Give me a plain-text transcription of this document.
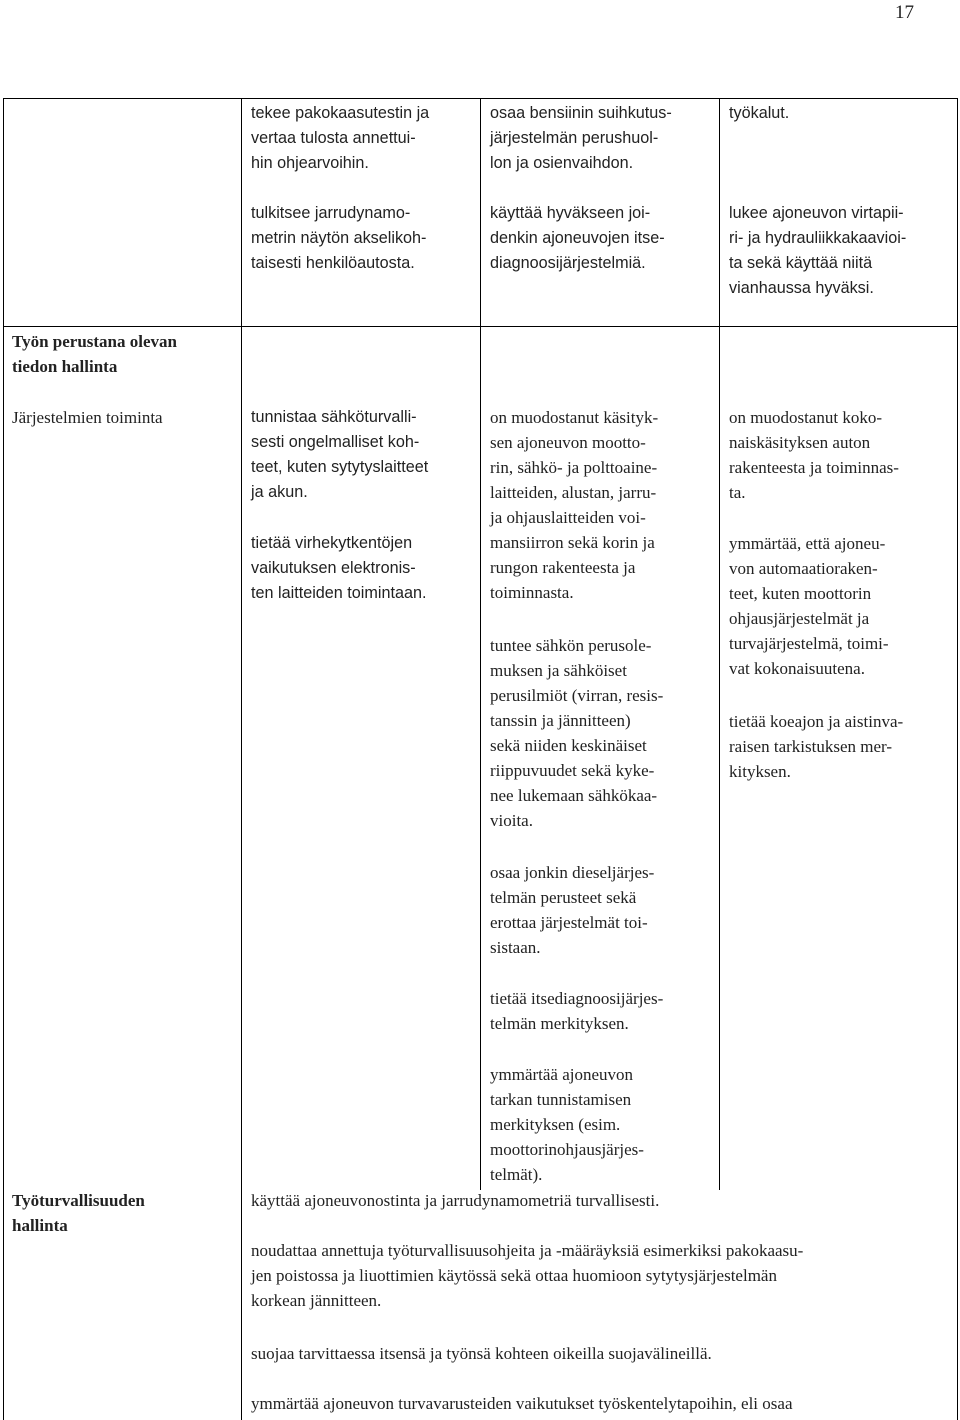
17
tekee pakokaasutestin ja
vertaa tulosta annettui-
hin ohjearvoihin.
tulkitsee jarrudynamo-
metrin näytön akselikoh-
taisesti henkilöautosta.
osaa bensiinin suihkutus-
järjestelmän perushuol-
lon ja osienvaihdon.
käyttää hyväkseen joi-
denkin ajoneuvojen itse-
diagnoosijärjestelmiä.
työkalut.
lukee ajoneuvon virtapii-
ri- ja hydrauliikkakaavioi-
ta sekä käyttää niitä
vianhaussa hyväksi.
Työn perustana olevan
tiedon hallinta
Järjestelmien toiminta	tunnistaa sähköturvalli-
sesti ongelmalliset koh-
teet, kuten sytytyslaitteet
ja akun.
tietää virhekytkentöjen
vaikutuksen elektronis-
ten laitteiden toimintaan.
on muodostanut käsityk-
sen ajoneuvon mootto-
rin, sähkö- ja polttoaine-
laitteiden, alustan, jarru-
ja ohjauslaitteiden voi-
mansiirron sekä korin ja
rungon rakenteesta ja
toiminnasta.
tuntee sähkön perusole-
muksen ja sähköiset
perusilmiöt (virran, resis-
tanssin ja jännitteen)
sekä niiden keskinäiset
riippuvuudet sekä kyke-
nee lukemaan sähkökaa-
vioita.
osaa jonkin dieseljärjes-
telmän perusteet sekä
erottaa järjestelmät toi-
sistaan.
tietää itsediagnoosijärjes-
telmän merkityksen.
ymmärtää ajoneuvon
tarkan tunnistamisen
merkityksen (esim.
moottorinohjausjärjes-
telmät).
on muodostanut koko-
naiskäsityksen auton
rakenteesta ja toiminnas-
ta.
ymmärtää, että ajoneu-
von automaatioraken-
teet, kuten moottorin
ohjausjärjestelmät ja
turvajärjestelmä, toimi-
vat kokonaisuutena.
tietää koeajon ja aistinva-
raisen tarkistuksen mer-
kityksen.
Työturvallisuuden
hallinta
käyttää ajoneuvonostinta ja jarrudynamometriä turvallisesti.
noudattaa annettuja työturvallisuusohjeita ja -määräyksiä esimerkiksi pakokaasu-
jen poistossa ja liuottimien käytössä sekä ottaa huomioon sytytysjärjestelmän
korkean jännitteen.
suojaa tarvittaessa itsensä ja työnsä kohteen oikeilla suojavälineillä.
ymmärtää ajoneuvon turvavarusteiden vaikutukset työskentelytapoihin, eli osaa
